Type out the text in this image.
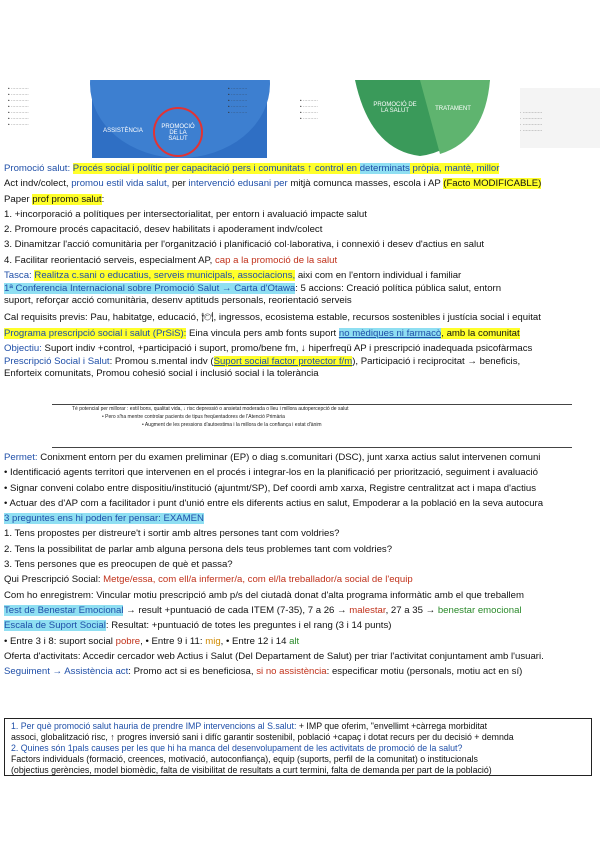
ASSISTÈNCIA
PROMOCIÓ DE LA SALUT
PROMOCIÓ DE LA SALUT	TRATAMENT
• ············
• ············
• ············
• ············
• ············
• ············
• ············
• ···········
• ···········
• ···········
• ···········
• ···········
• ··········
• ··········
• ··········
• ··········
· ·············
· ·············
· ·············
· ·············
Promoció salut: Procés social i polític per capacitació pers i comunitats ↑ control en determinats pròpia, mantè, millor
Act indv/colect, promou estil vida salut, per intervenció edusani per mitjà comunca masses, escola i AP (Facto MODIFICABLE)
Paper prof promo salut:
1. +incorporació a polítiques per intersectorialitat, per entorn i avaluació impacte salut
2. Promoure procés capacitació, desev habilitats i apoderament indv/colect
3. Dinamitzar l'acció comunitària per l'organització i planificació col·laborativa, i connexió i desev d'actius en salut
4. Facilitar reorientació serveis, especialment AP, cap a la promoció de la salut
Tasca: Realitza c.sani o educatius, serveis municipals, associacions, aixi com en l'entorn individual i familiar
1ª Conferencia Internacional sobre Promoció Salut → Carta d'Otawa: 5 accions: Creació política pública salut, entorn
suport, reforçar acció comunitària, desenv aptituds personals, reorientació serveis
Cal requisits previs: Pau, habitatge, educació, 🍽, ingressos, ecosistema estable, recursos sostenibles i justícia social i equitat
Programa prescripció social i salut (PrSiS): Eina vincula pers amb fonts suport no mèdiques ni farmacò, amb la comunitat
Objectiu: Suport indiv +control, +participació i suport, promo/bene fm, ↓ hiperfreqü AP i prescripció inadequada psicofàrmacs
Prescripció Social i Salut: Promou s.mental indv (Suport social factor protector f/m), Participació i reciprocitat → beneficis,
Enforteix comunitats, Promou cohesió social i inclusió social i la tolerància
Té potencial per millorar : estil bons, qualitat vida, ↓ risc depressió o ansietat moderada o lleu i millora autopercepció de salut
• Pero s'ha mentre controlar pacients de tipus freqüentadores de l'Atenció Primària
• Augment de les pressions d'autoestima i la millora de la confiança i estat d'ànim
Permet: Conixment entorn per du examen preliminar (EP) o diag s.comunitari (DSC), junt xarxa actius salut intervenen comuni
• Identificació agents territori que intervenen en el procés i integrar-los en la planificació per priorització, seguiment i avaluació
• Signar conveni colabo entre dispositiu/institució (ajuntmt/SP), Def coordi amb xarxa, Registre centralitzat act i mapa d'actius
• Actuar des d'AP com a facilitador i punt d'unió entre els diferents actius en salut, Empoderar a la població en la seva autocura
3 preguntes ens hi poden fer pensar: EXAMEN
1. Tens propostes per distreure't i sortir amb altres persones tant com voldries?
2. Tens la possibilitat de parlar amb alguna persona dels teus problemes tant com voldries?
3. Tens persones que es preocupen de què et passa?
Qui Prescripció Social: Metge/essa, com ell/a infermer/a, com el/la treballador/a social de l'equip
Com ho enregistrem: Vincular motiu prescripció amb p/s del ciutadà donat d'alta programa informàtic amb el que treballem
Test de Benestar Emocional → result +puntuació de cada ITEM (7-35), 7 a 26 → malestar, 27 a 35 → benestar emocional
Escala de Suport Social: Resultat: +puntuació de totes les preguntes i el rang (3 i 14 punts)
• Entre 3 i 8: suport social pobre, • Entre 9 i 11: mig, • Entre 12 i 14 alt
Oferta d'activitats: Accedir cercador web Actius i Salut (Del Departament de Salut) per triar l'activitat conjuntament amb l'usuari.
Seguiment → Assistència act: Promo act si es beneficiosa, si no assistència: especificar motiu (personals, motiu act en sí)
1. Per què promoció salut hauria de prendre IMP intervencions al S.salut: + IMP que oferim, "envellimt +càrrega morbiditat
associ, globalització risc, ↑ progres inversió sani i difíc garantir sostenibil, població +capaç i dotat recurs per du decisió + demnda
2. Quines són 1pals causes per les que hi ha manca del desenvolupament de les activitats de promoció de la salut?
Factors individuals (formació, creences, motivació, autoconfiança), equip (suports, perfil de la comunitat) o institucionals
(objectius gerències, model biomèdic, falta de visibilitat de resultats a curt termini, falta de demanda per part de la població)
